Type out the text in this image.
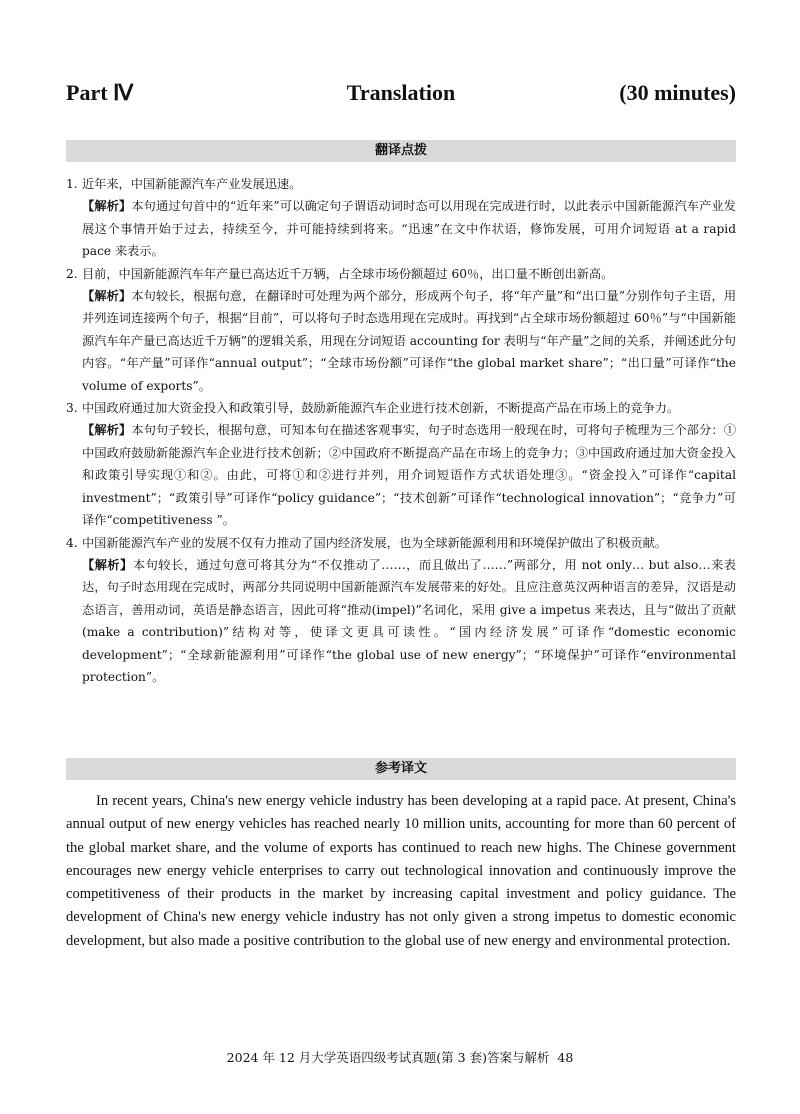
Part Ⅳ	Translation	(30 minutes)
翻译点拨
1. 近年来，中国新能源汽车产业发展迅速。
【解析】本句通过句首中的“近年来”可以确定句子谓语动词时态可以用现在完成进行时，以此表示中国新能源汽车产业发展这个事情开始于过去，持续至今，并可能持续到将来。“迅速”在文中作状语，修饰发展，可用介词短语 at a rapid pace 来表示。
2. 目前，中国新能源汽车年产量已高达近千万辆，占全球市场份额超过 60％，出口量不断创出新高。
【解析】本句较长，根据句意，在翻译时可处理为两个部分，形成两个句子，将“年产量”和“出口量”分别作句子主语，用并列连词连接两个句子，根据“目前”，可以将句子时态选用现在完成时。再找到“占全球市场份额超过 60％”与“中国新能源汽车年产量已高达近千万辆”的逻辑关系，用现在分词短语 accounting for 表明与“年产量”之间的关系，并阐述此分句内容。“年产量”可译作“annual output”；“全球市场份额”可译作“the global market share”；“出口量”可译作“the volume of exports”。
3. 中国政府通过加大资金投入和政策引导，鼓励新能源汽车企业进行技术创新，不断提高产品在市场上的竞争力。
【解析】本句句子较长，根据句意，可知本句在描述客观事实，句子时态选用一般现在时，可将句子梳理为三个部分：①中国政府鼓励新能源汽车企业进行技术创新；②中国政府不断提高产品在市场上的竞争力；③中国政府通过加大资金投入和政策引导实现①和②。由此，可将①和②进行并列，用介词短语作方式状语处理③。“资金投入”可译作“capital investment”；“政策引导”可译作“policy guidance”；“技术创新”可译作“technological innovation”；“竞争力”可译作“competitiveness ”。
4. 中国新能源汽车产业的发展不仅有力推动了国内经济发展，也为全球新能源利用和环境保护做出了积极贡献。
【解析】本句较长，通过句意可将其分为“不仅推动了……，而且做出了……”两部分，用 not only… but also…来表达，句子时态用现在完成时，两部分共同说明中国新能源汽车发展带来的好处。且应注意英汉两种语言的差异，汉语是动态语言，善用动词，英语是静态语言，因此可将“推动(impel)”名词化，采用 give a impetus 来表达，且与“做出了贡献(make a contribution)”结构对等，使译文更具可读性。“国内经济发展”可译作“domestic economic development”；“全球新能源利用”可译作“the global use of new energy”；“环境保护”可译作“environmental protection”。
参考译文

In recent years, China's new energy vehicle industry has been developing at a rapid pace. At present, China's annual output of new energy vehicles has reached nearly 10 million units, accounting for more than 60 percent of the global market share, and the volume of exports has continued to reach new highs. The Chinese government encourages new energy vehicle enterprises to carry out technological innovation and continuously improve the competitiveness of their products in the market by increasing capital investment and policy guidance. The development of China's new energy vehicle industry has not only given a strong impetus to domestic economic development, but also made a positive contribution to the global use of new energy and environmental protection.

2024 年 12 月大学英语四级考试真题(第 3 套)答案与解析 48
